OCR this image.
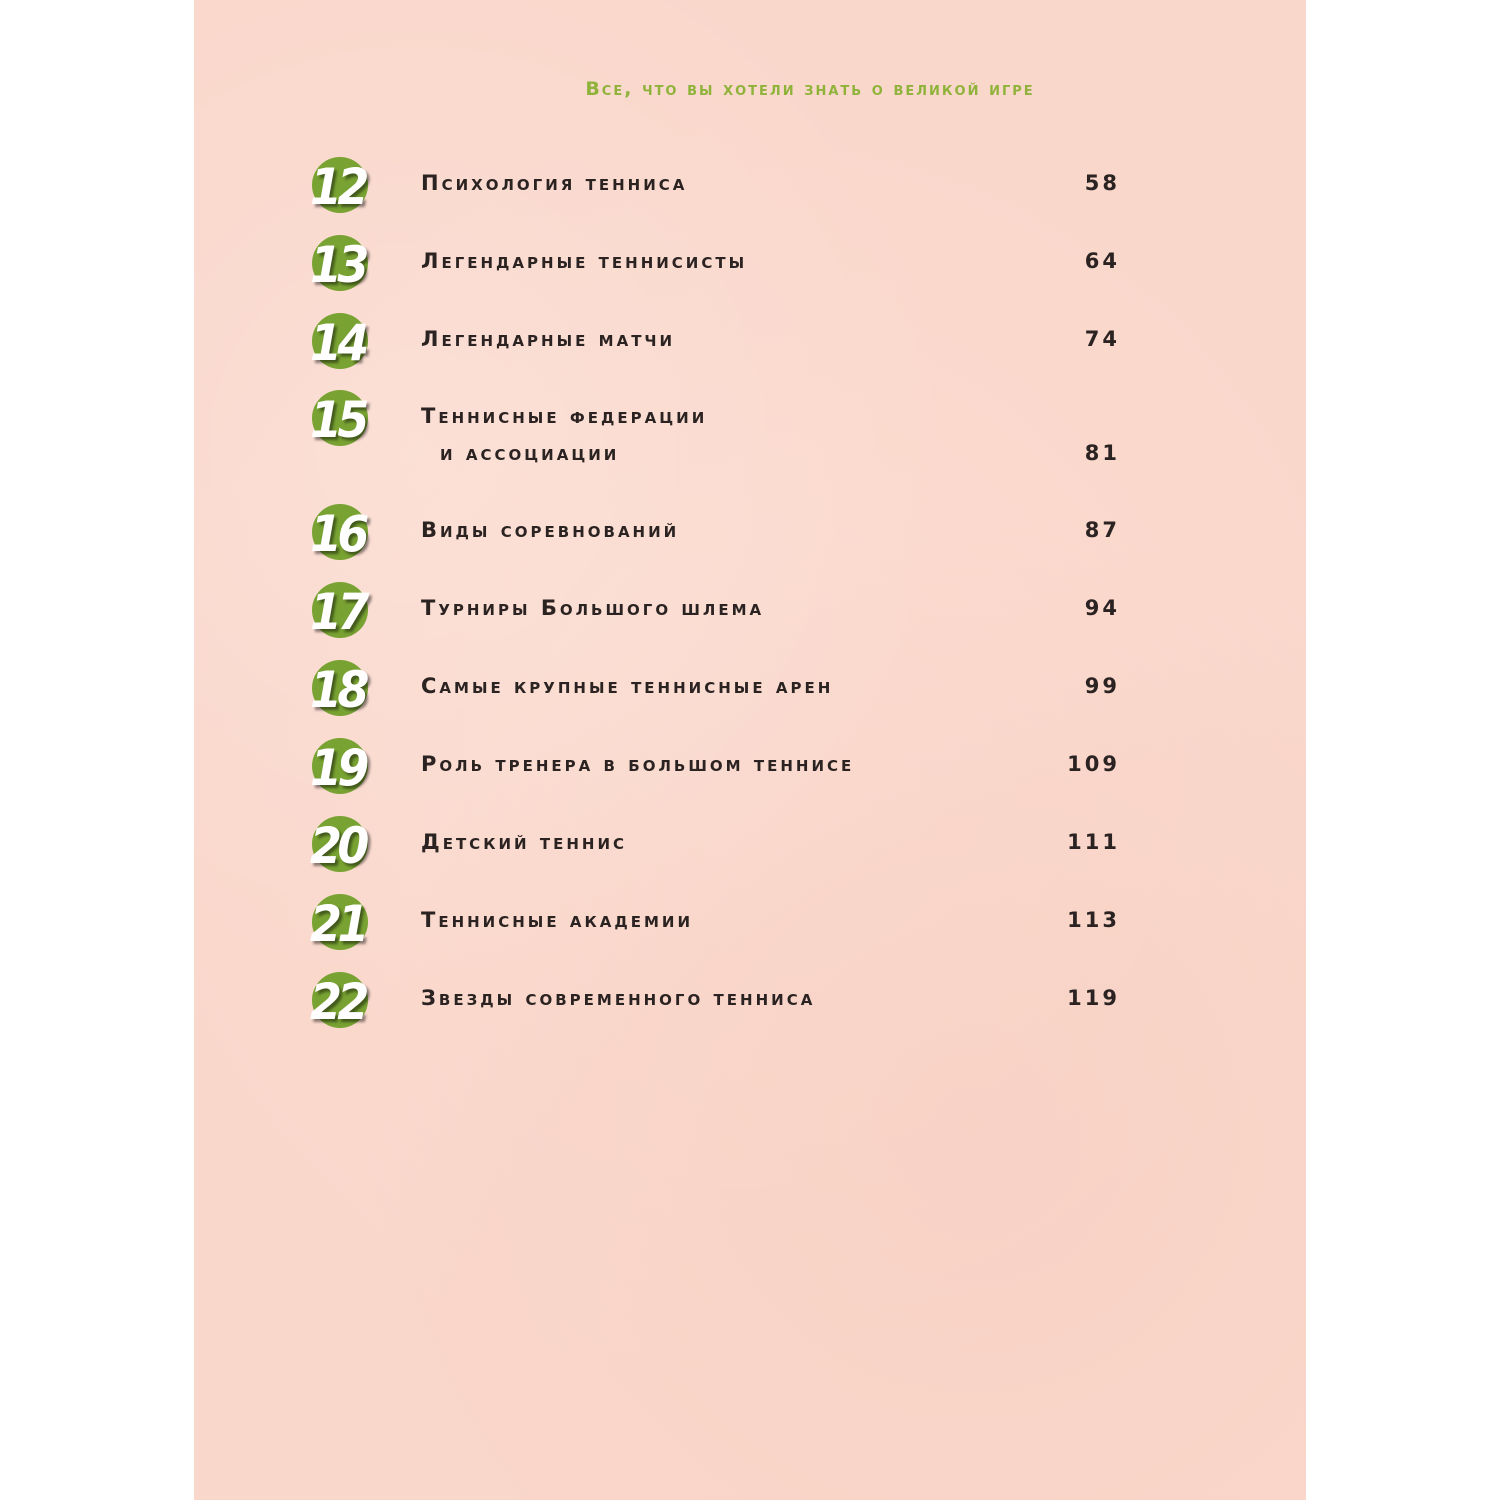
Все, что вы хотели знать о великой игре
12	Психология тенниса	58
13	Легендарные теннисисты	64
14	Легендарные матчи	74
15	Теннисные федерации
и ассоциации	81
16	Виды соревнований	87
17	Турниры Большого шлема	94
18	Самые крупные теннисные арен	99
19	Роль тренера в большом теннисе	109
20	Детский теннис	111
21	Теннисные академии	113
22	Звезды современного тенниса	119
